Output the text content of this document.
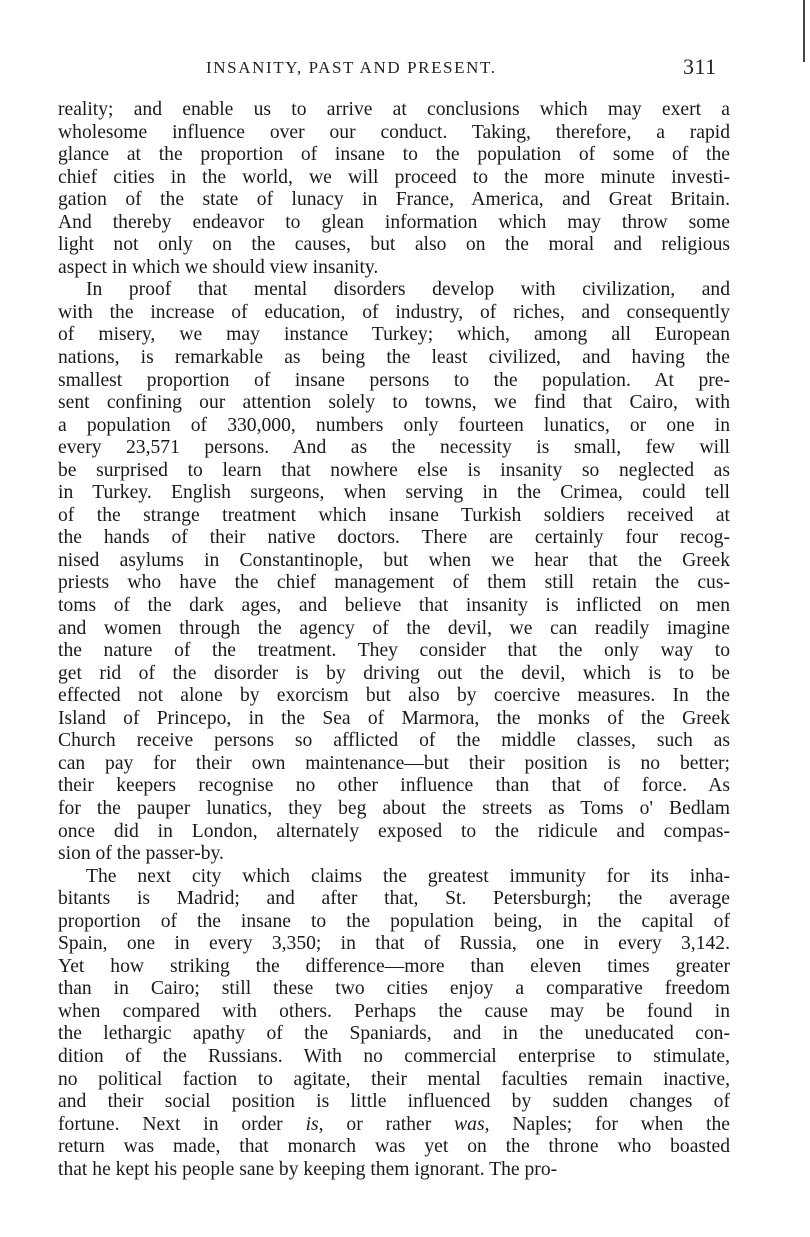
INSANITY, PAST AND PRESENT.	311
reality; and enable us to arrive at conclusions which may exert a
wholesome influence over our conduct. Taking, therefore, a rapid
glance at the proportion of insane to the population of some of the
chief cities in the world, we will proceed to the more minute investi-
gation of the state of lunacy in France, America, and Great Britain.
And thereby endeavor to glean information which may throw some
light not only on the causes, but also on the moral and religious
aspect in which we should view insanity.
In proof that mental disorders develop with civilization, and
with the increase of education, of industry, of riches, and consequently
of misery, we may instance Turkey; which, among all European
nations, is remarkable as being the least civilized, and having the
smallest proportion of insane persons to the population. At pre-
sent confining our attention solely to towns, we find that Cairo, with
a population of 330,000, numbers only fourteen lunatics, or one in
every 23,571 persons. And as the necessity is small, few will
be surprised to learn that nowhere else is insanity so neglected as
in Turkey. English surgeons, when serving in the Crimea, could tell
of the strange treatment which insane Turkish soldiers received at
the hands of their native doctors. There are certainly four recog-
nised asylums in Constantinople, but when we hear that the Greek
priests who have the chief management of them still retain the cus-
toms of the dark ages, and believe that insanity is inflicted on men
and women through the agency of the devil, we can readily imagine
the nature of the treatment. They consider that the only way to
get rid of the disorder is by driving out the devil, which is to be
effected not alone by exorcism but also by coercive measures. In the
Island of Princepo, in the Sea of Marmora, the monks of the Greek
Church receive persons so afflicted of the middle classes, such as
can pay for their own maintenance—but their position is no better;
their keepers recognise no other influence than that of force. As
for the pauper lunatics, they beg about the streets as Toms o' Bedlam
once did in London, alternately exposed to the ridicule and compas-
sion of the passer-by.
The next city which claims the greatest immunity for its inha-
bitants is Madrid; and after that, St. Petersburgh; the average
proportion of the insane to the population being, in the capital of
Spain, one in every 3,350; in that of Russia, one in every 3,142.
Yet how striking the difference—more than eleven times greater
than in Cairo; still these two cities enjoy a comparative freedom
when compared with others. Perhaps the cause may be found in
the lethargic apathy of the Spaniards, and in the uneducated con-
dition of the Russians. With no commercial enterprise to stimulate,
no political faction to agitate, their mental faculties remain inactive,
and their social position is little influenced by sudden changes of
fortune. Next in order is, or rather was, Naples; for when the
return was made, that monarch was yet on the throne who boasted
that he kept his people sane by keeping them ignorant. The pro-
